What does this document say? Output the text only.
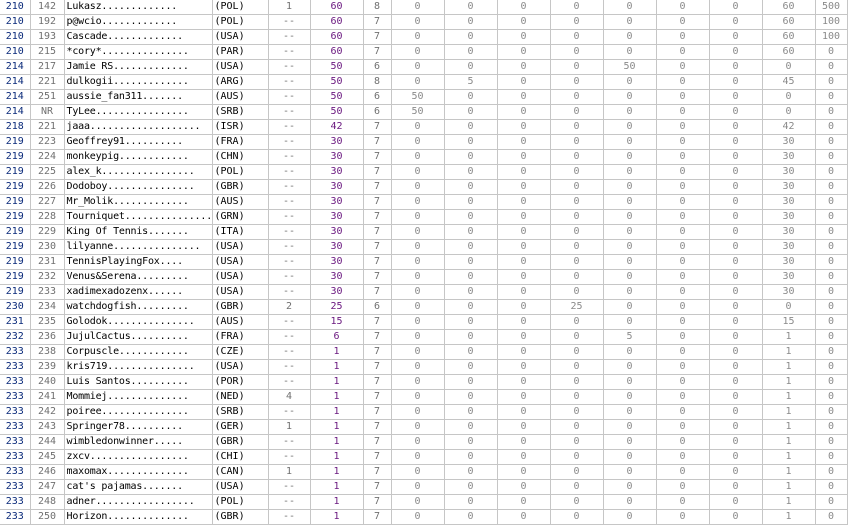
210	142	Lukasz.............	(POL)	1	60	8	0	0	0	0	0	0	0	60	500
210	192	p@wcio.............	(POL)	--	60	7	0	0	0	0	0	0	0	60	100
210	193	Cascade.............	(USA)	--	60	7	0	0	0	0	0	0	0	60	100
210	215	*cory*...............	(PAR)	--	60	7	0	0	0	0	0	0	0	60	0
214	217	Jamie RS.............	(USA)	--	50	6	0	0	0	0	50	0	0	0	0
214	221	dulkogii.............	(ARG)	--	50	8	0	5	0	0	0	0	0	45	0
214	251	aussie_fan311.......	(AUS)	--	50	6	50	0	0	0	0	0	0	0	0
214	NR	TyLee................	(SRB)	--	50	6	50	0	0	0	0	0	0	0	0
218	221	jaaa...................	(ISR)	--	42	7	0	0	0	0	0	0	0	42	0
219	223	Geoffrey91..........	(FRA)	--	30	7	0	0	0	0	0	0	0	30	0
219	224	monkeypig............	(CHN)	--	30	7	0	0	0	0	0	0	0	30	0
219	225	alex_k................	(POL)	--	30	7	0	0	0	0	0	0	0	30	0
219	226	Dodoboy...............	(GBR)	--	30	7	0	0	0	0	0	0	0	30	0
219	227	Mr_Molik.............	(AUS)	--	30	7	0	0	0	0	0	0	0	30	0
219	228	Tourniquet...............	(GRN)	--	30	7	0	0	0	0	0	0	0	30	0
219	229	King Of Tennis.......	(ITA)	--	30	7	0	0	0	0	0	0	0	30	0
219	230	lilyanne...............	(USA)	--	30	7	0	0	0	0	0	0	0	30	0
219	231	TennisPlayingFox....	(USA)	--	30	7	0	0	0	0	0	0	0	30	0
219	232	Venus&Serena.........	(USA)	--	30	7	0	0	0	0	0	0	0	30	0
219	233	xadimexadozenx......	(USA)	--	30	7	0	0	0	0	0	0	0	30	0
230	234	watchdogfish.........	(GBR)	2	25	6	0	0	0	25	0	0	0	0	0
231	235	Golodok...............	(AUS)	--	15	7	0	0	0	0	0	0	0	15	0
232	236	JujulCactus..........	(FRA)	--	6	7	0	0	0	0	5	0	0	1	0
233	238	Corpuscle............	(CZE)	--	1	7	0	0	0	0	0	0	0	1	0
233	239	kris719...............	(USA)	--	1	7	0	0	0	0	0	0	0	1	0
233	240	Luis Santos..........	(POR)	--	1	7	0	0	0	0	0	0	0	1	0
233	241	Mommiej..............	(NED)	4	1	7	0	0	0	0	0	0	0	1	0
233	242	poiree...............	(SRB)	--	1	7	0	0	0	0	0	0	0	1	0
233	243	Springer78..........	(GER)	1	1	7	0	0	0	0	0	0	0	1	0
233	244	wimbledonwinner.....	(GBR)	--	1	7	0	0	0	0	0	0	0	1	0
233	245	zxcv.................	(CHI)	--	1	7	0	0	0	0	0	0	0	1	0
233	246	maxomax..............	(CAN)	1	1	7	0	0	0	0	0	0	0	1	0
233	247	cat's pajamas.......	(USA)	--	1	7	0	0	0	0	0	0	0	1	0
233	248	adner.................	(POL)	--	1	7	0	0	0	0	0	0	0	1	0
233	250	Horizon..............	(GBR)	--	1	7	0	0	0	0	0	0	0	1	0
